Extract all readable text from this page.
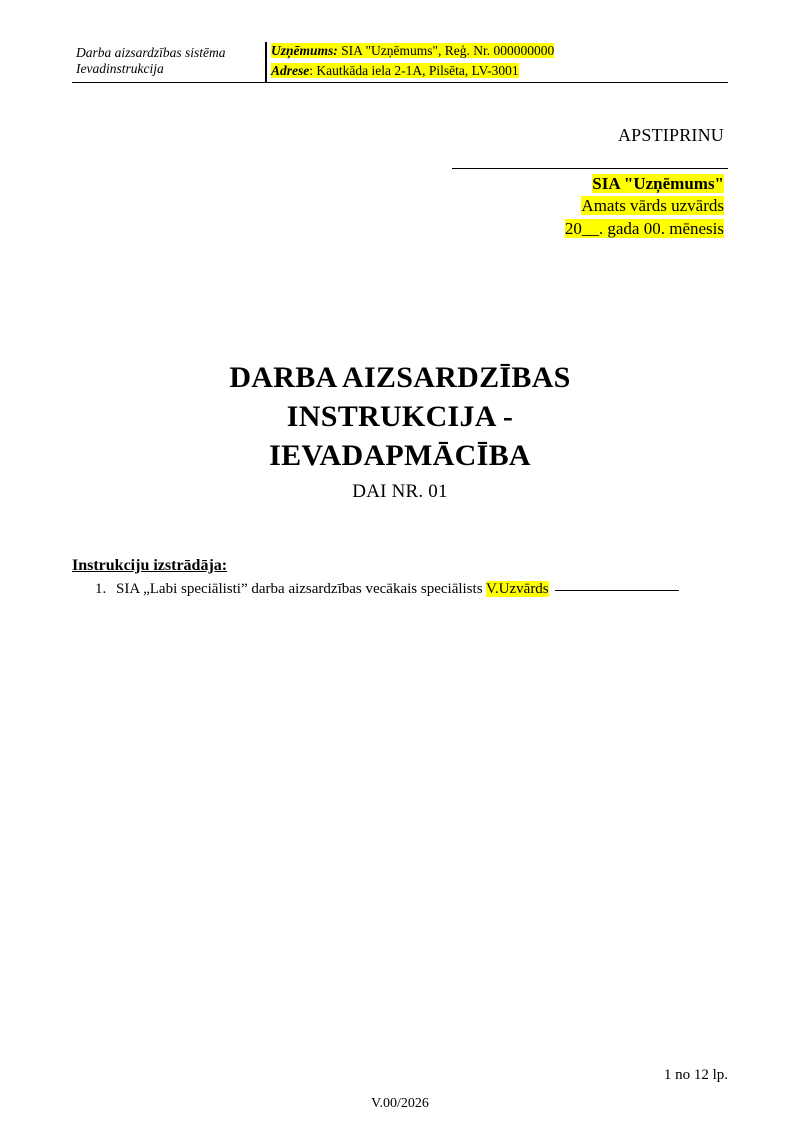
Darba aizsardzības sistēma
Ievadinstrukcija
	Uzņēmums: SIA "Uzņēmums", Reģ. Nr. 000000000
Adrese: Kautkāda iela 2-1A, Pilsēta, LV-3001
APSTIPRINU
SIA "Uzņēmums"
Amats vārds uzvārds
20__. gada 00. mēnesis
DARBA AIZSARDZĪBAS
INSTRUKCIJA -
IEVADAPMĀCĪBA
DAI NR. 01
Instrukciju izstrādāja:
1. SIA „Labi speciālisti” darba aizsardzības vecākais speciālists V.Uzvārds
1 no 12 lp.
V.00/2026
